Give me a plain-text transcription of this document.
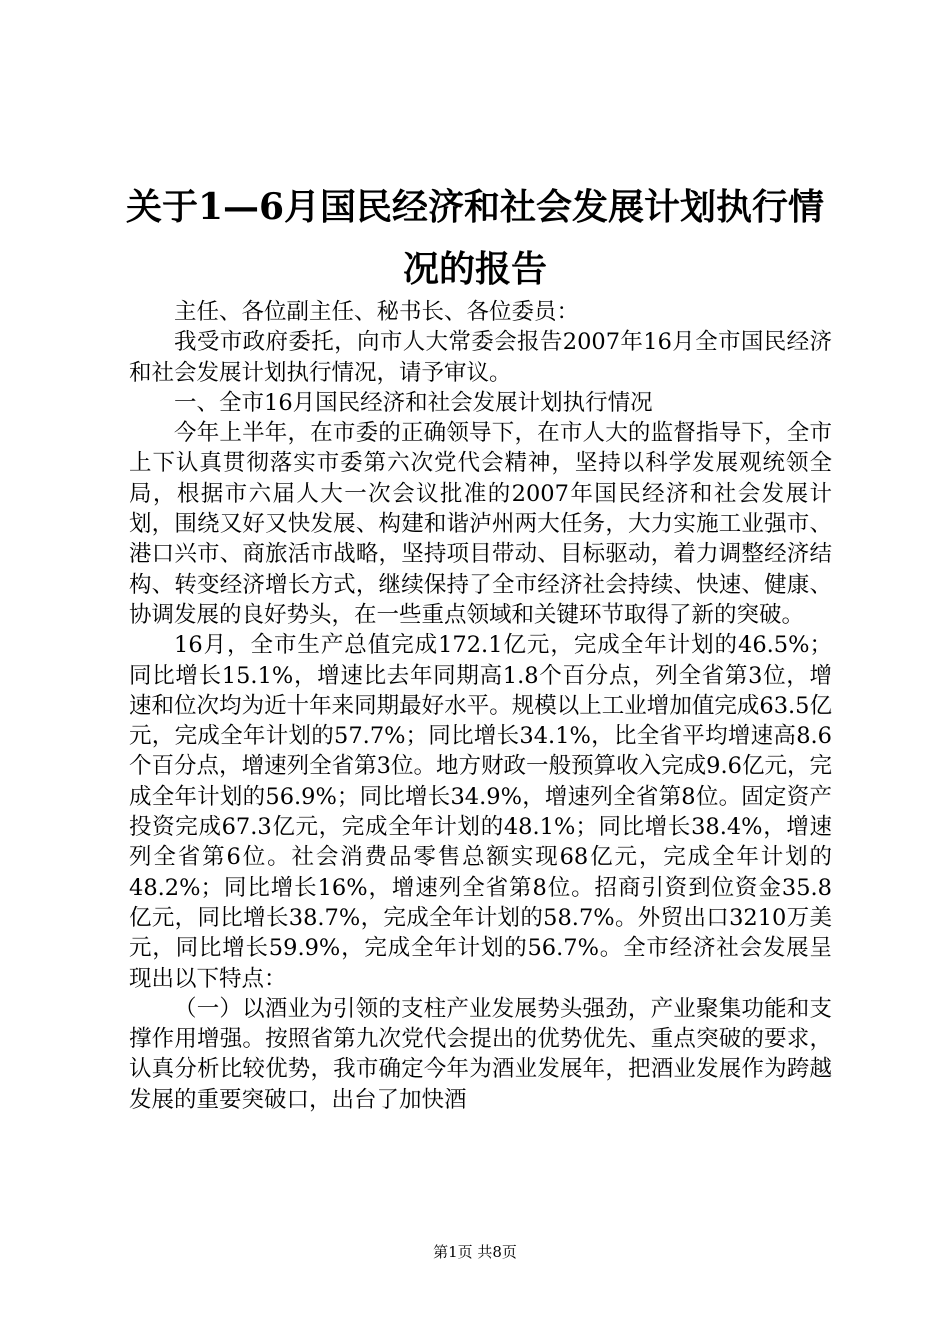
关于1—6月国民经济和社会发展计划执行情况的报告

主任、各位副主任、秘书长、各位委员：

我受市政府委托，向市人大常委会报告2007年16月全市国民经济和社会发展计划执行情况，请予审议。

一、全市16月国民经济和社会发展计划执行情况

今年上半年，在市委的正确领导下，在市人大的监督指导下，全市上下认真贯彻落实市委第六次党代会精神，坚持以科学发展观统领全局，根据市六届人大一次会议批准的2007年国民经济和社会发展计划，围绕又好又快发展、构建和谐泸州两大任务，大力实施工业强市、港口兴市、商旅活市战略，坚持项目带动、目标驱动，着力调整经济结构、转变经济增长方式，继续保持了全市经济社会持续、快速、健康、协调发展的良好势头，在一些重点领域和关键环节取得了新的突破。

16月，全市生产总值完成172.1亿元，完成全年计划的46.5%；同比增长15.1%，增速比去年同期高1.8个百分点，列全省第3位，增速和位次均为近十年来同期最好水平。规模以上工业增加值完成63.5亿元，完成全年计划的57.7%；同比增长34.1%，比全省平均增速高8.6个百分点，增速列全省第3位。地方财政一般预算收入完成9.6亿元，完成全年计划的56.9%；同比增长34.9%，增速列全省第8位。固定资产投资完成67.3亿元，完成全年计划的48.1%；同比增长38.4%，增速列全省第6位。社会消费品零售总额实现68亿元，完成全年计划的48.2%；同比增长16%，增速列全省第8位。招商引资到位资金35.8亿元，同比增长38.7%，完成全年计划的58.7%。外贸出口3210万美元，同比增长59.9%，完成全年计划的56.7%。全市经济社会发展呈现出以下特点：

（一）以酒业为引领的支柱产业发展势头强劲，产业聚集功能和支撑作用增强。按照省第九次党代会提出的优势优先、重点突破的要求，认真分析比较优势，我市确定今年为酒业发展年，把酒业发展作为跨越发展的重要突破口，出台了加快酒

第1页 共8页
